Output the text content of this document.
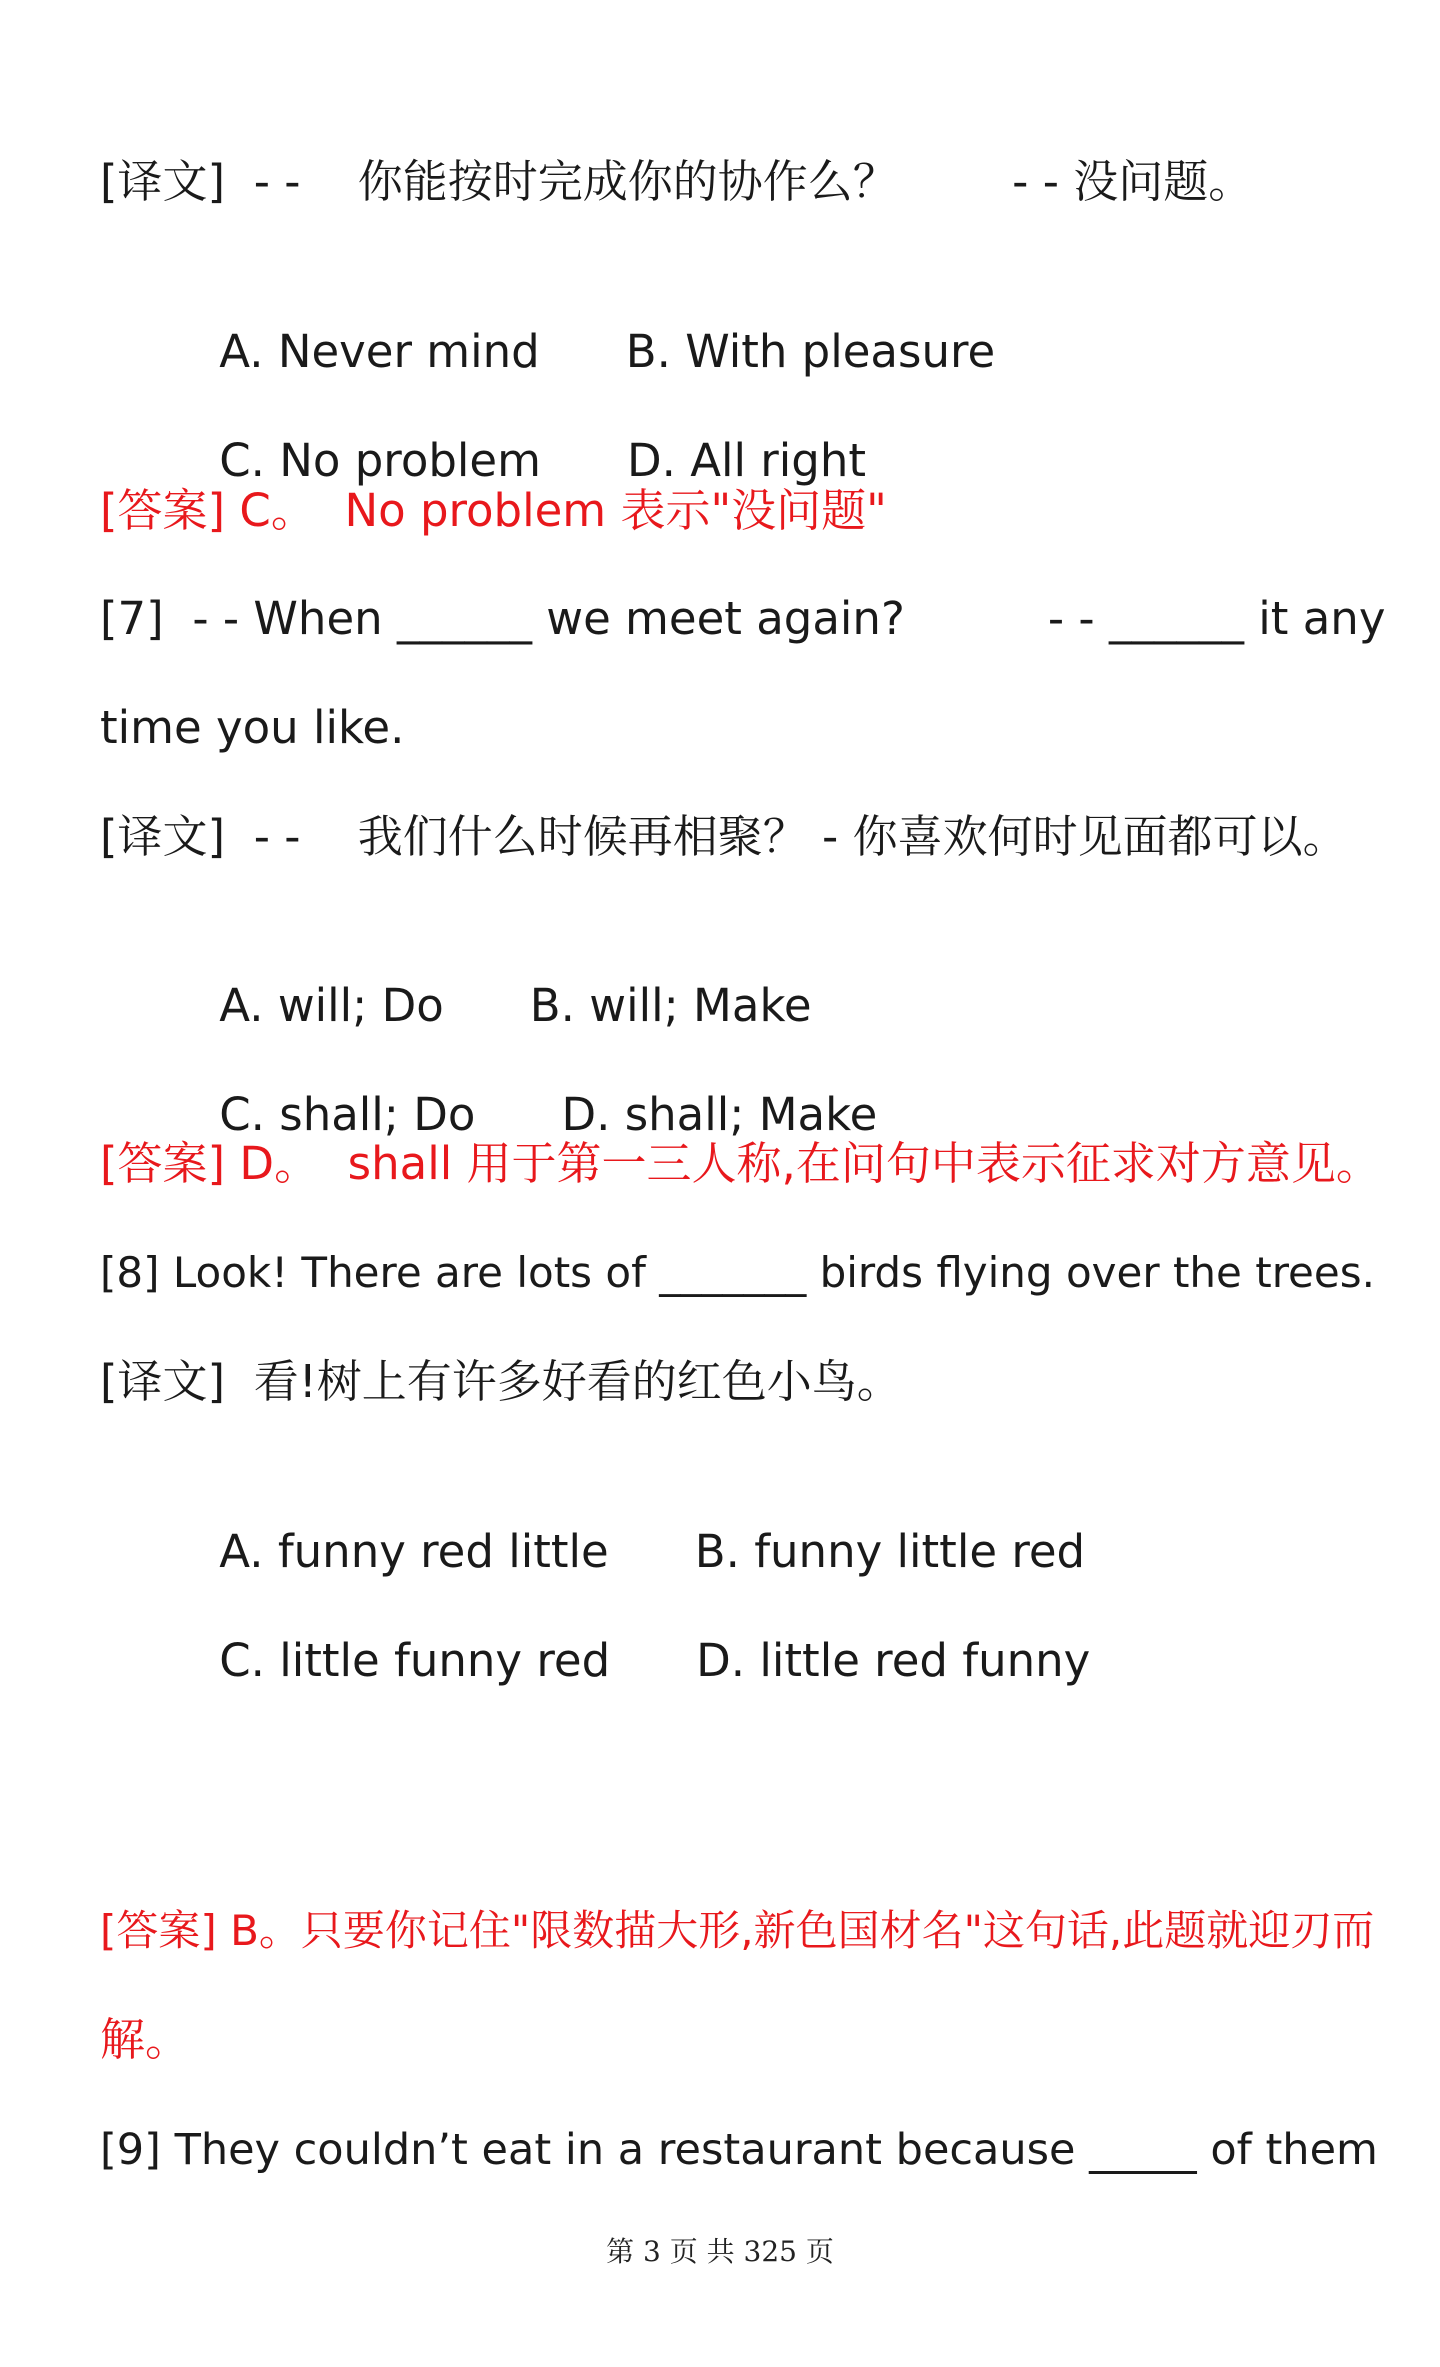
[译文]  - -    你能按时完成你的协作么？        - - 没问题。

A. Never mind B. With pleasure

C. No problem D. All right

[答案] C。  No problem 表示"没问题"
[7]  - - When ______ we meet again?          - - ______ it any
time you like.
[译文]  - -    我们什么时候再相聚？ - 你喜欢何时见面都可以。

A. will; Do B. will; Make

C. shall; Do D. shall; Make

[答案] D。  shall 用于第一三人称,在问句中表示征求对方意见。
[8] Look! There are lots of _______ birds flying over the trees.
[译文]  看!树上有许多好看的红色小鸟。

A. funny red little B. funny little red

C. little funny red D. little red funny

[答案] B。只要你记住"限数描大形,新色国材名"这句话,此题就迎刃而
解。
[9] They couldn’t eat in a restaurant because _____ of them
第 3 页 共 325 页
